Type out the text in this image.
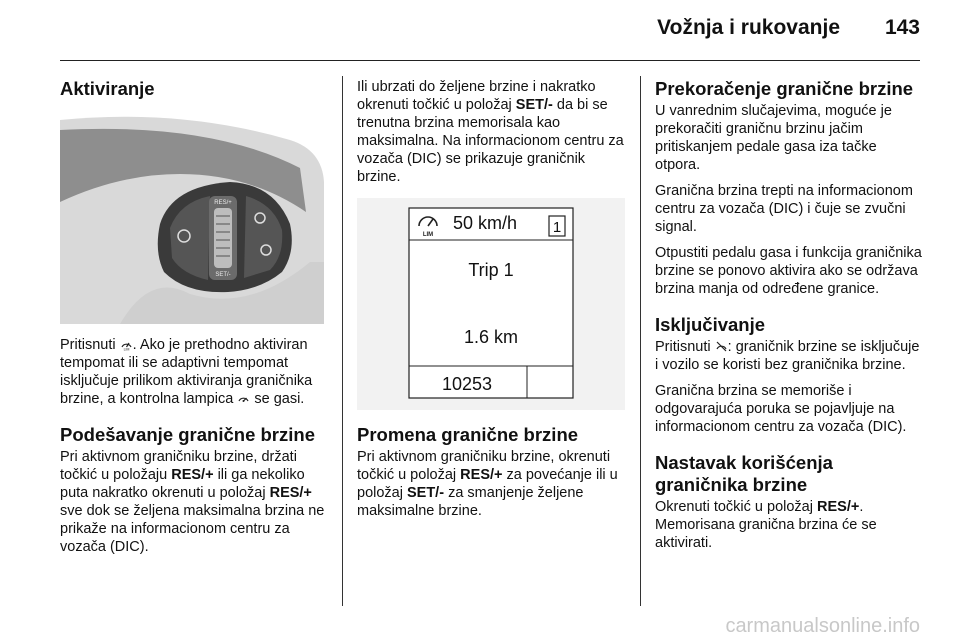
Vožnja i rukovanje 143
Aktiviranje
RES/+
SET/-

Pritisnuti LIM . Ako je prethodno aktiviran tempomat ili se adaptivni tempomat isključuje prilikom aktiviranja graničnika brzine, a kontrolna lampica se gasi.

Podešavanje granične brzine

Pri aktivnom graničniku brzine, držati točkić u položaju RES/+ ili ga nekoliko puta nakratko okrenuti u položaj RES/+ sve dok se željena maksimalna brzina ne prikaže na informacionom centru za vozača (DIC).

Ili ubrzati do željene brzine i nakratko okrenuti točkić u položaj SET/- da bi se trenutna brzina memorisala kao maksimalna. Na informacionom centru za vozača (DIC) se prikazuje graničnik brzine.

LIM
50 km/h 1
Trip 1
1.6 km
10253
Promena granične brzine

Pri aktivnom graničniku brzine, okrenuti točkić u položaj RES/+ za povećanje ili u položaj SET/- za smanjenje željene maksimalne brzine.

Prekoračenje granične brzine

U vanrednim slučajevima, moguće je prekoračiti graničnu brzinu jačim pritiskanjem pedale gasa iza tačke otpora.

Granična brzina trepti na informacionom centru za vozača (DIC) i čuje se zvučni signal.

Otpustiti pedalu gasa i funkcija graničnika brzine se ponovo aktivira ako se održava brzina manja od određene granice.

Isključivanje

Pritisnuti : graničnik brzine se isključuje i vozilo se koristi bez graničnika brzine.

Granična brzina se memoriše i odgovarajuća poruka se pojavljuje na informacionom centru za vozača (DIC).

Nastavak korišćenja graničnika brzine

Okrenuti točkić u položaj RES/+. Memorisana granična brzina će se aktivirati.

carmanualsonline.info
